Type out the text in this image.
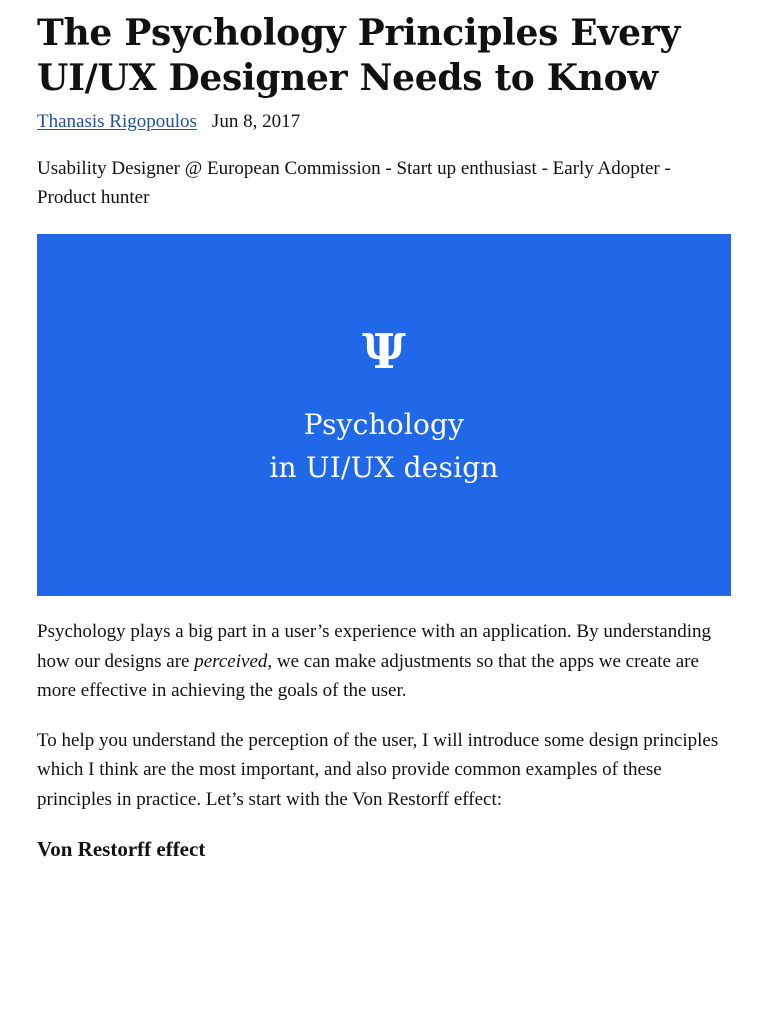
The Psychology Principles Every UI/UX Designer Needs to Know
Thanasis Rigopoulos Jun 8, 2017
Usability Designer @ European Commission - Start up enthusiast - Early Adopter - Product hunter
Ψ
Psychology
in UI/UX design

Psychology plays a big part in a user’s experience with an application. By understanding how our designs are perceived, we can make adjustments so that the apps we create are more effective in achieving the goals of the user.

To help you understand the perception of the user, I will introduce some design principles which I think are the most important, and also provide common examples of these principles in practice. Let’s start with the Von Restorff effect:

Von Restorff effect
